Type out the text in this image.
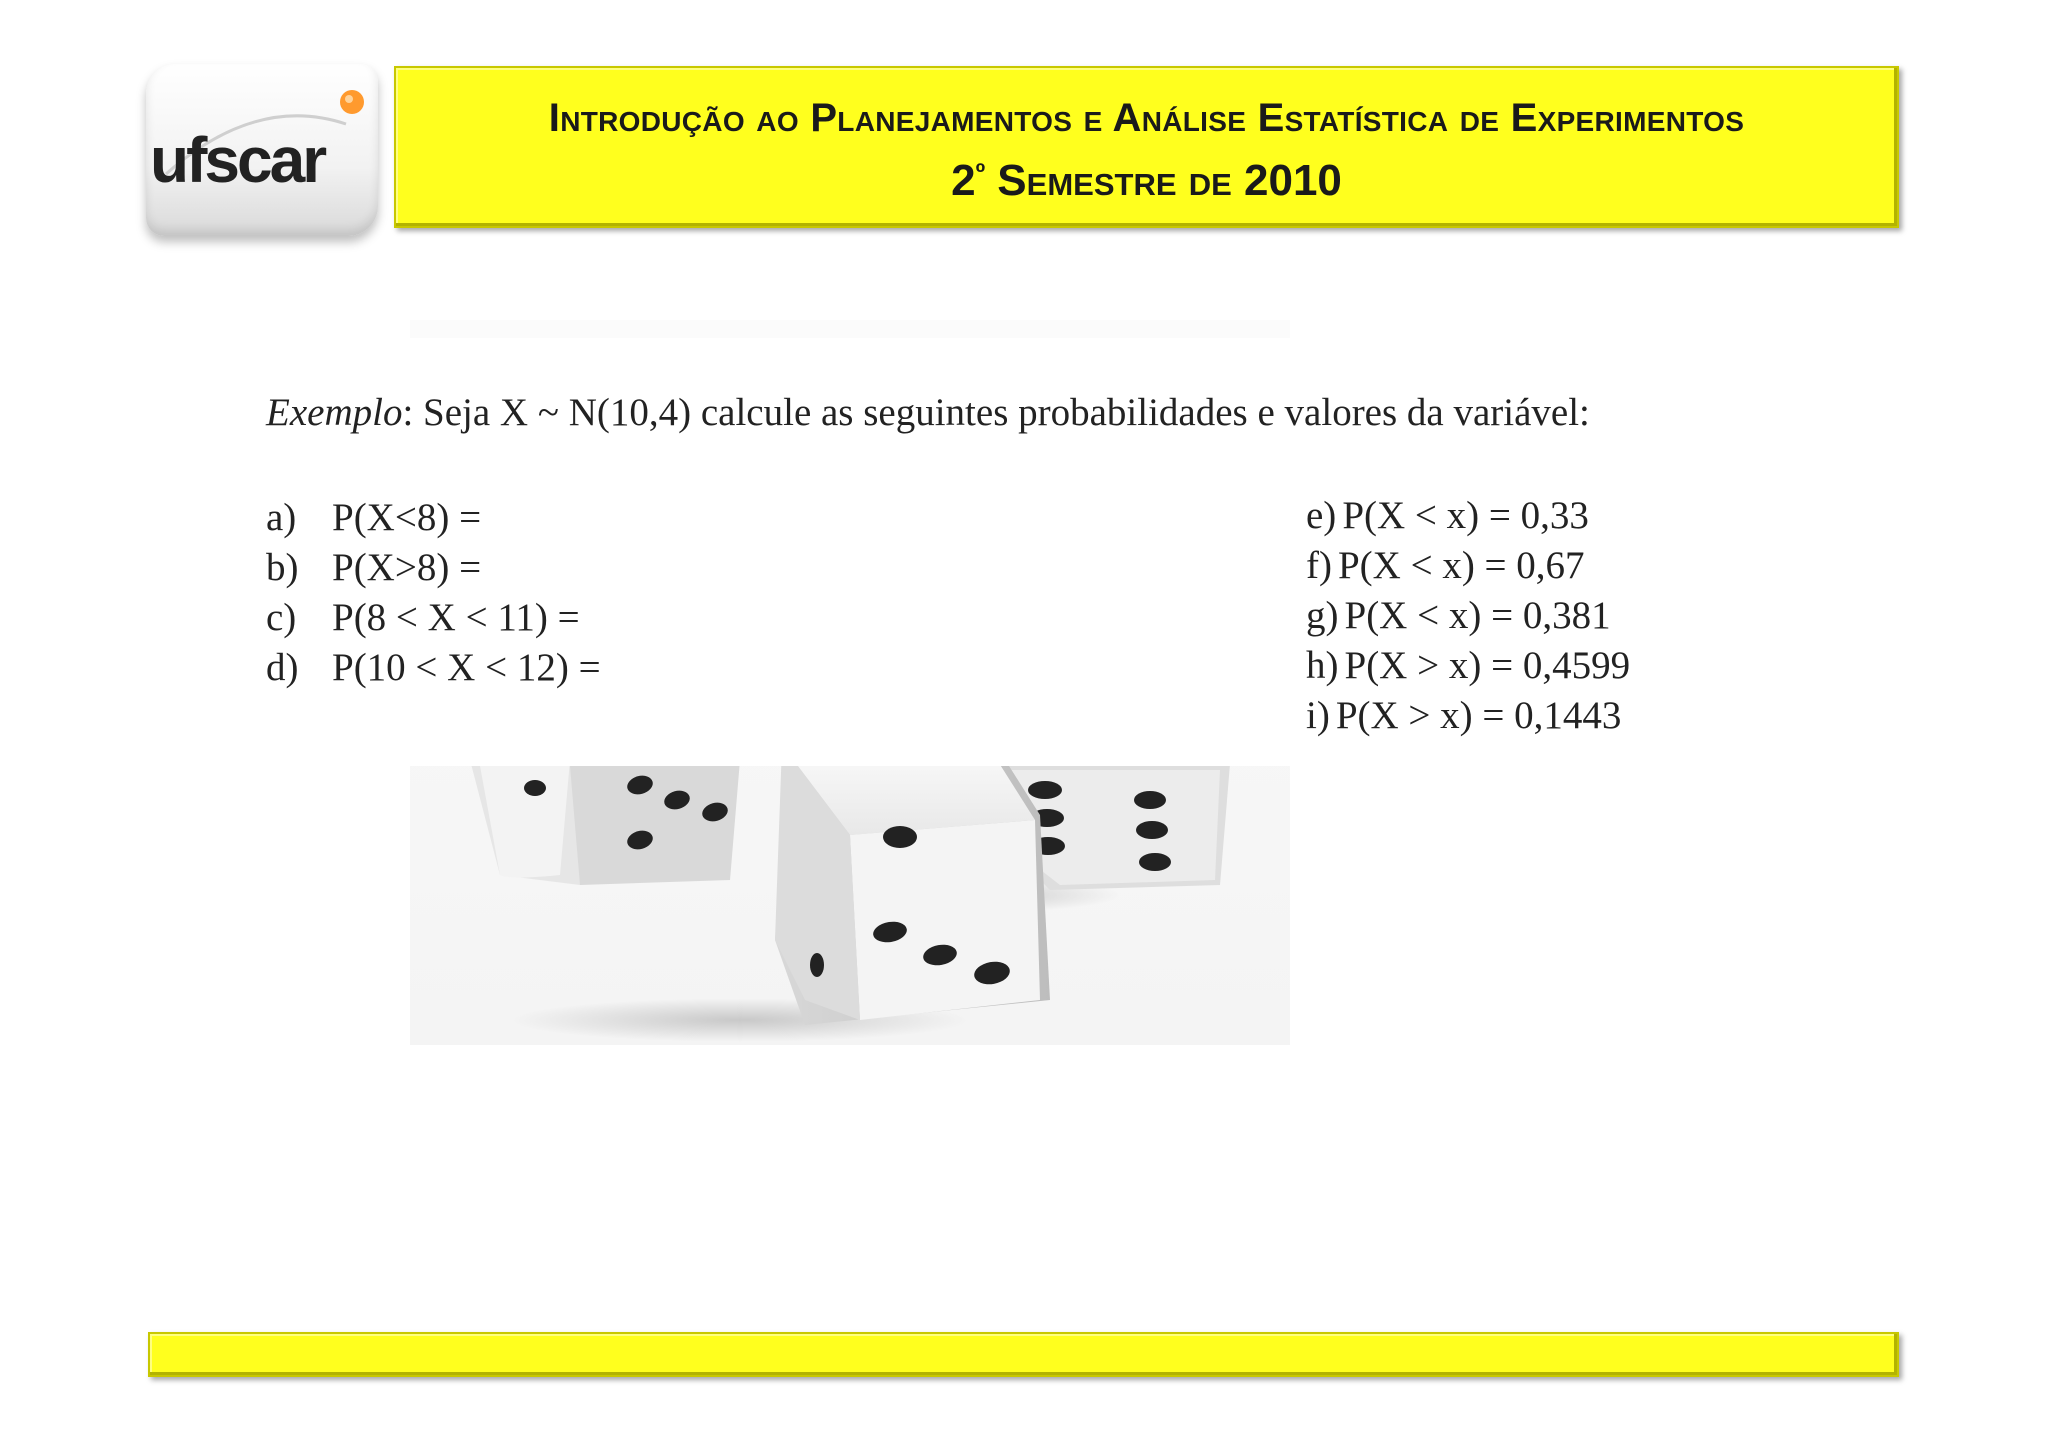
ufscar
Introdução ao Planejamentos e Análise Estatística de Experimentos
$2^º$ Semestre de 2010
Exemplo: Seja X ~ N(10,4) calcule as seguintes probabilidades e valores da variável:
a) P(X<8) =
b) P(X>8) =
c) P(8 < X < 11) =
d) P(10 < X < 12) =
e) P(X < x) = 0,33
f) P(X < x) = 0,67
g) P(X < x) = 0,381
h) P(X > x) = 0,4599
i) P(X > x) = 0,1443
